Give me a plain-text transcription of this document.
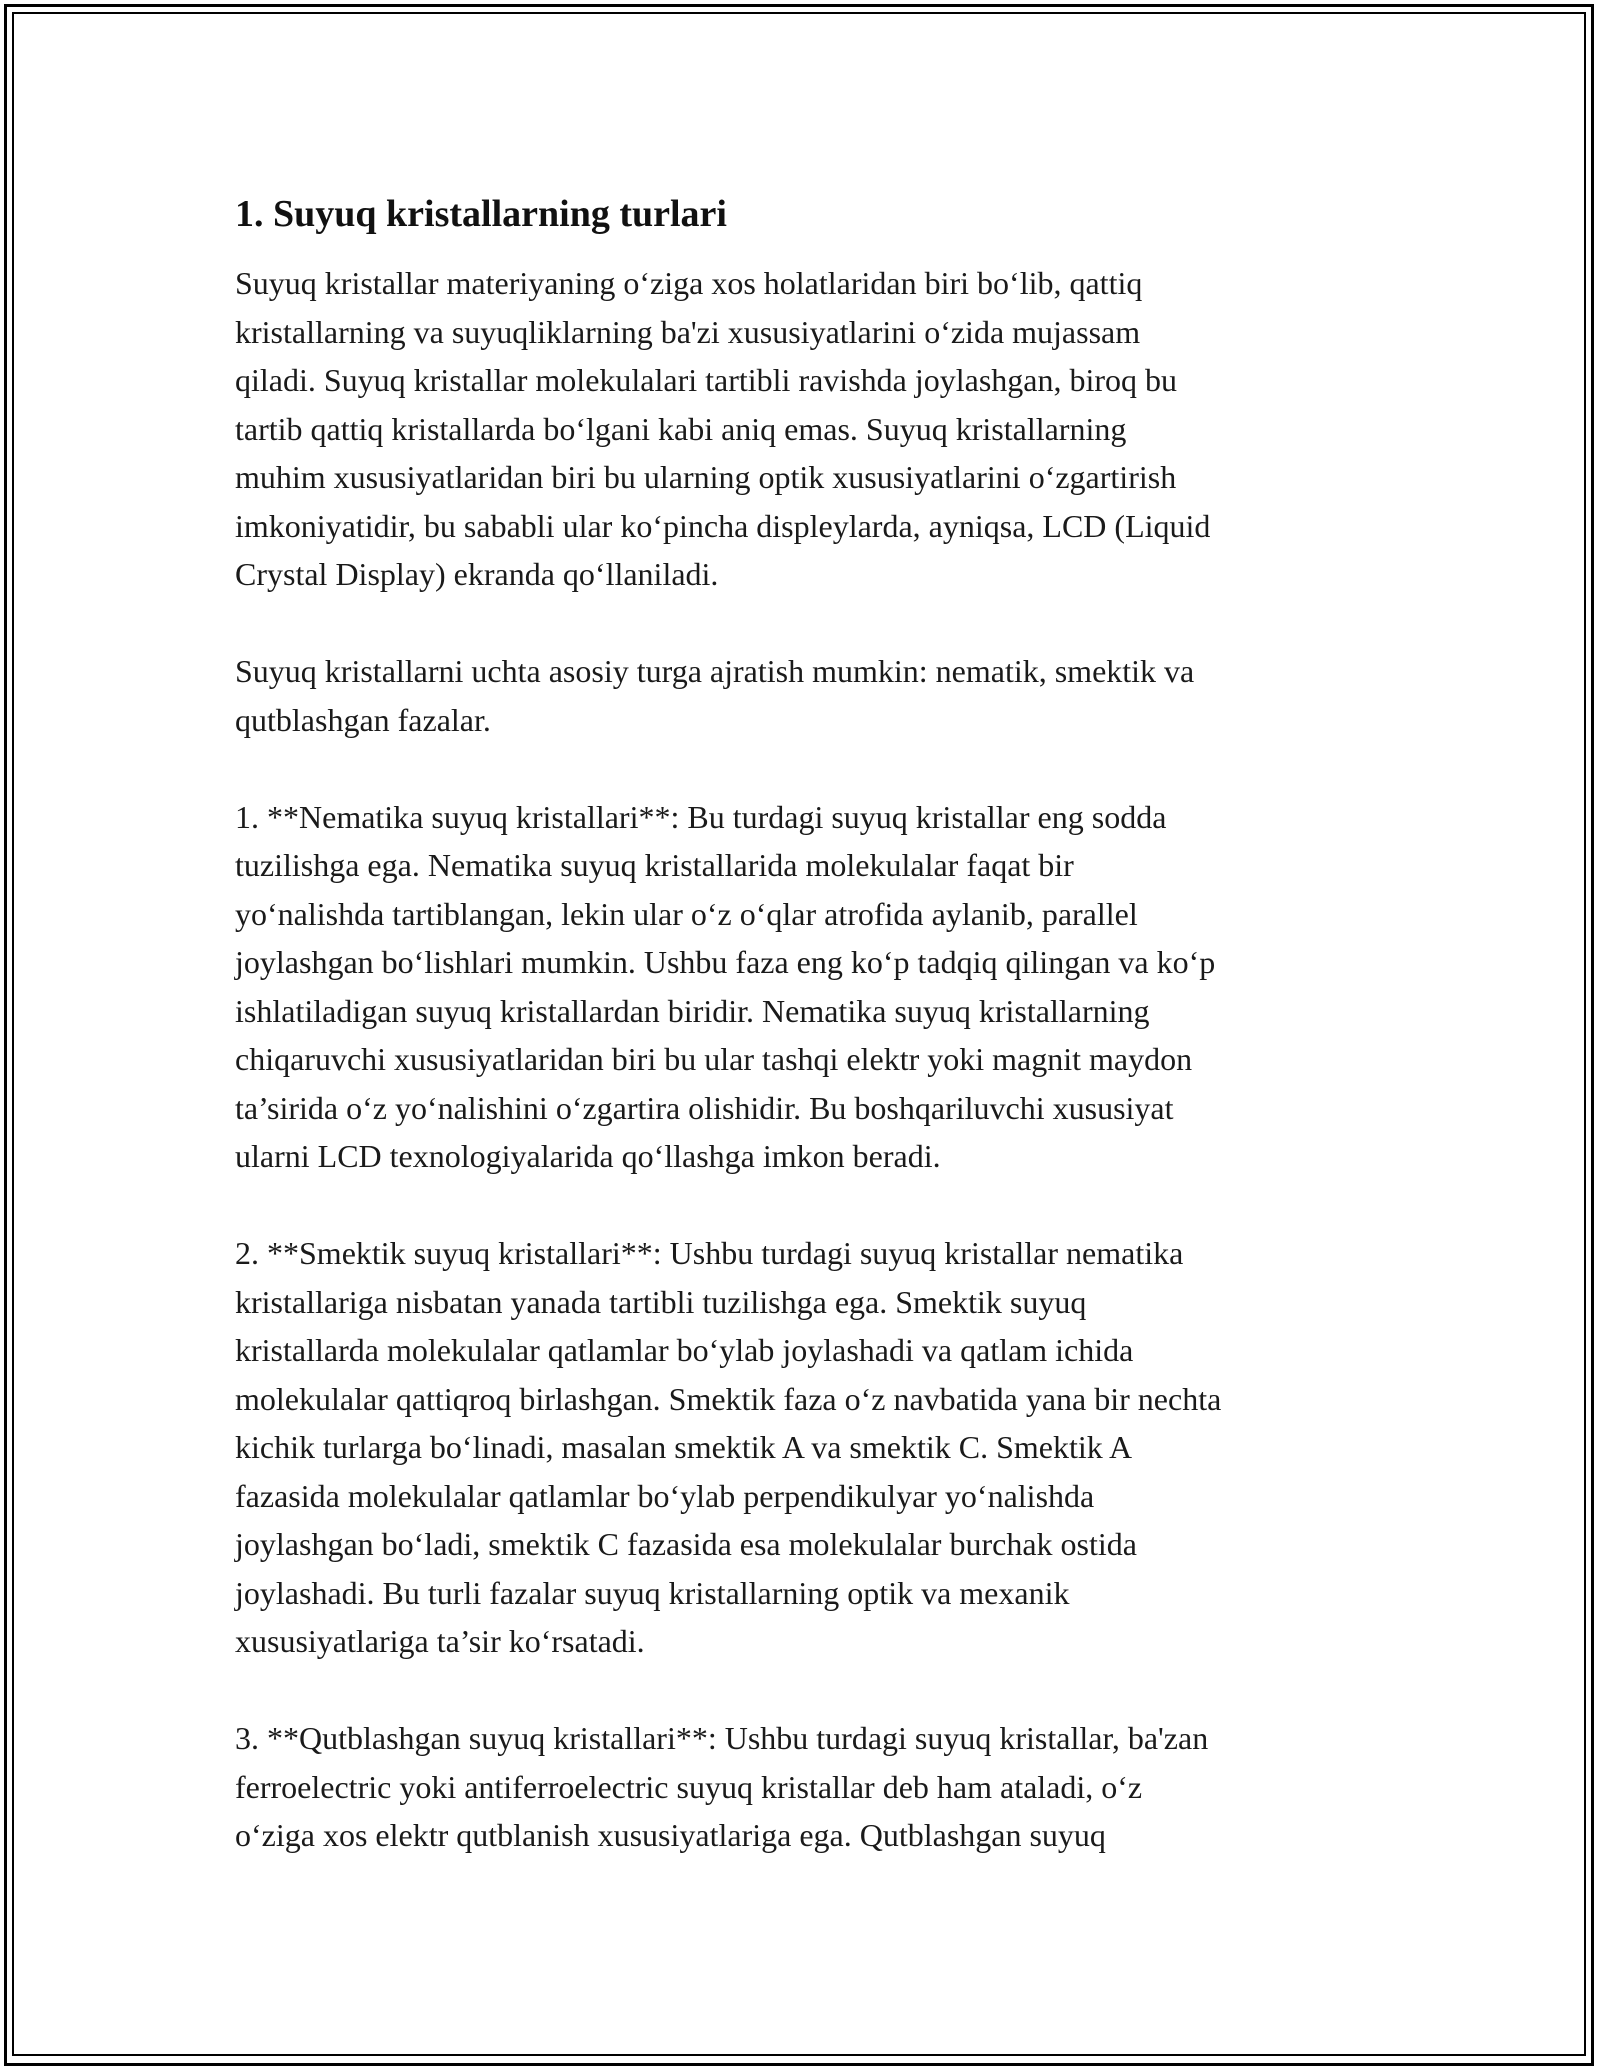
1. Suyuq kristallarning turlari

Suyuq kristallar materiyaning o‘ziga xos holatlaridan biri bo‘lib, qattiq
kristallarning va suyuqliklarning ba'zi xususiyatlarini o‘zida mujassam
qiladi. Suyuq kristallar molekulalari tartibli ravishda joylashgan, biroq bu
tartib qattiq kristallarda bo‘lgani kabi aniq emas. Suyuq kristallarning
muhim xususiyatlaridan biri bu ularning optik xususiyatlarini o‘zgartirish
imkoniyatidir, bu sababli ular ko‘pincha displeylarda, ayniqsa, LCD (Liquid
Crystal Display) ekranda qo‘llaniladi.

Suyuq kristallarni uchta asosiy turga ajratish mumkin: nematik, smektik va
qutblashgan fazalar.

1. **Nematika suyuq kristallari**: Bu turdagi suyuq kristallar eng sodda
tuzilishga ega. Nematika suyuq kristallarida molekulalar faqat bir
yo‘nalishda tartiblangan, lekin ular o‘z o‘qlar atrofida aylanib, parallel
joylashgan bo‘lishlari mumkin. Ushbu faza eng ko‘p tadqiq qilingan va ko‘p
ishlatiladigan suyuq kristallardan biridir. Nematika suyuq kristallarning
chiqaruvchi xususiyatlaridan biri bu ular tashqi elektr yoki magnit maydon
ta’sirida o‘z yo‘nalishini o‘zgartira olishidir. Bu boshqariluvchi xususiyat
ularni LCD texnologiyalarida qo‘llashga imkon beradi.

2. **Smektik suyuq kristallari**: Ushbu turdagi suyuq kristallar nematika
kristallariga nisbatan yanada tartibli tuzilishga ega. Smektik suyuq
kristallarda molekulalar qatlamlar bo‘ylab joylashadi va qatlam ichida
molekulalar qattiqroq birlashgan. Smektik faza o‘z navbatida yana bir nechta
kichik turlarga bo‘linadi, masalan smektik A va smektik C. Smektik A
fazasida molekulalar qatlamlar bo‘ylab perpendikulyar yo‘nalishda
joylashgan bo‘ladi, smektik C fazasida esa molekulalar burchak ostida
joylashadi. Bu turli fazalar suyuq kristallarning optik va mexanik
xususiyatlariga ta’sir ko‘rsatadi.

3. **Qutblashgan suyuq kristallari**: Ushbu turdagi suyuq kristallar, ba'zan
ferroelectric yoki antiferroelectric suyuq kristallar deb ham ataladi, o‘z
o‘ziga xos elektr qutblanish xususiyatlariga ega. Qutblashgan suyuq
